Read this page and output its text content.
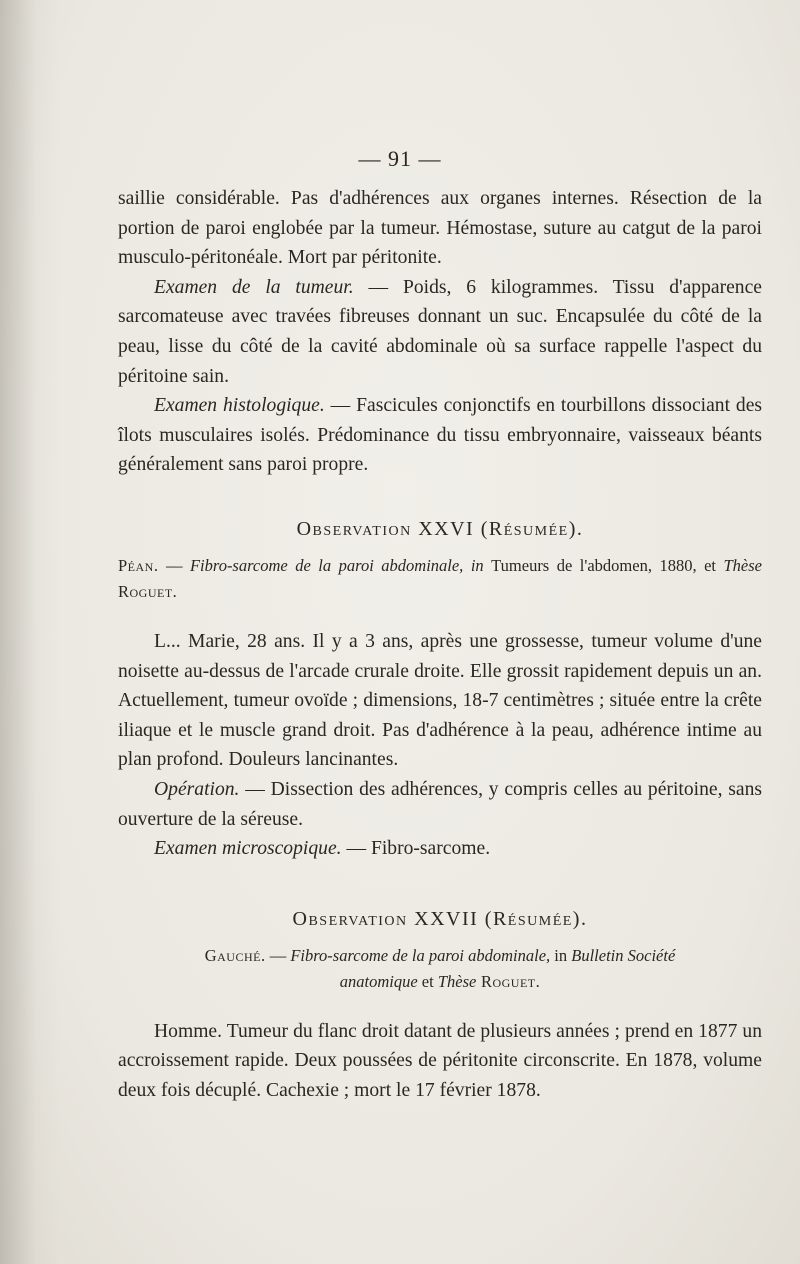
— 91 —

saillie considérable. Pas d'adhérences aux organes internes. Résection de la portion de paroi englobée par la tumeur. Hémostase, suture au catgut de la paroi musculo-péritonéale. Mort par péritonite.

Examen de la tumeur. — Poids, 6 kilogrammes. Tissu d'apparence sarcomateuse avec travées fibreuses donnant un suc. Encapsulée du côté de la peau, lisse du côté de la cavité abdominale où sa surface rappelle l'aspect du péritoine sain.

Examen histologique. — Fascicules conjonctifs en tourbillons dissociant des îlots musculaires isolés. Prédominance du tissu embryonnaire, vaisseaux béants généralement sans paroi propre.

Observation XXVI (Résumée).

Péan. — Fibro-sarcome de la paroi abdominale, in Tumeurs de l'abdomen, 1880, et Thèse Roguet.

L... Marie, 28 ans. Il y a 3 ans, après une grossesse, tumeur volume d'une noisette au-dessus de l'arcade crurale droite. Elle grossit rapidement depuis un an. Actuellement, tumeur ovoïde ; dimensions, 18-7 centimètres ; située entre la crête iliaque et le muscle grand droit. Pas d'adhérence à la peau, adhérence intime au plan profond. Douleurs lancinantes.

Opération. — Dissection des adhérences, y compris celles au péritoine, sans ouverture de la séreuse.

Examen microscopique. — Fibro-sarcome.

Observation XXVII (Résumée).

Gauché. — Fibro-sarcome de la paroi abdominale, in Bulletin Société
anatomique et Thèse Roguet.

Homme. Tumeur du flanc droit datant de plusieurs années ; prend en 1877 un accroissement rapide. Deux poussées de péritonite circonscrite. En 1878, volume deux fois décuplé. Cachexie ; mort le 17 février 1878.
